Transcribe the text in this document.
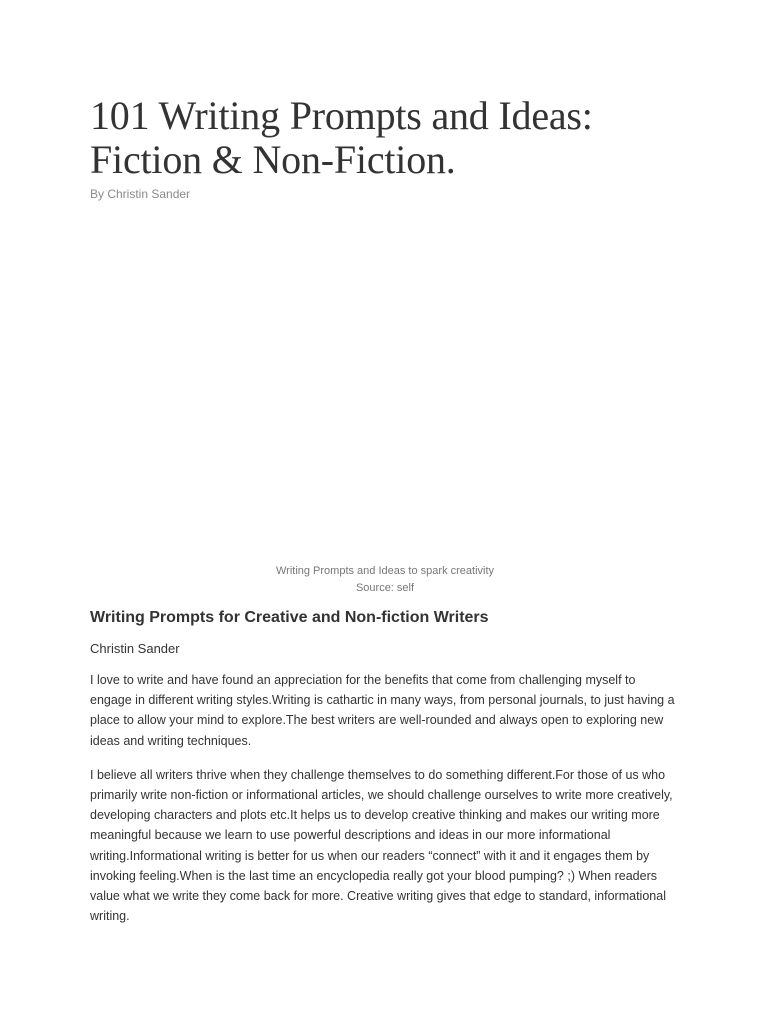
101 Writing Prompts and Ideas: Fiction & Non-Fiction.
By Christin Sander
Writing Prompts and Ideas to spark creativity
Source: self
Writing Prompts for Creative and Non-fiction Writers
Christin Sander

I love to write and have found an appreciation for the benefits that come from challenging myself to engage in different writing styles.Writing is cathartic in many ways, from personal journals, to just having a place to allow your mind to explore.The best writers are well-rounded and always open to exploring new ideas and writing techniques.

I believe all writers thrive when they challenge themselves to do something different.For those of us who primarily write non-fiction or informational articles, we should challenge ourselves to write more creatively, developing characters and plots etc.It helps us to develop creative thinking and makes our writing more meaningful because we learn to use powerful descriptions and ideas in our more informational writing.Informational writing is better for us when our readers “connect” with it and it engages them by invoking feeling.When is the last time an encyclopedia really got your blood pumping? ;) When readers value what we write they come back for more. Creative writing gives that edge to standard, informational writing.
